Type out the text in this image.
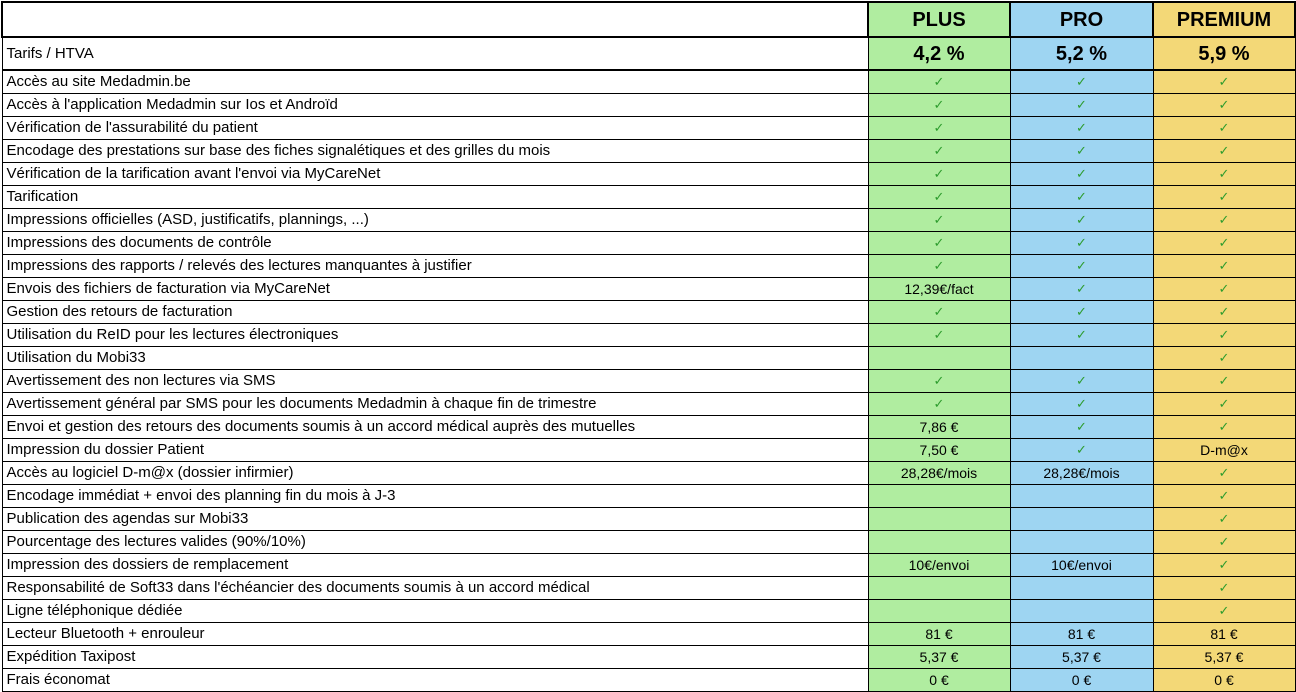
	PLUS	PRO	PREMIUM
Tarifs / HTVA	4,2 %	5,2 %	5,9 %
Accès au site Medadmin.be	✓	✓	✓
Accès à l'application Medadmin sur Ios et Androïd	✓	✓	✓
Vérification de l'assurabilité du patient	✓	✓	✓
Encodage des prestations sur base des fiches signalétiques et des grilles du mois	✓	✓	✓
Vérification de la tarification avant l'envoi via MyCareNet	✓	✓	✓
Tarification	✓	✓	✓
Impressions officielles (ASD, justificatifs, plannings, ...)	✓	✓	✓
Impressions des documents de contrôle	✓	✓	✓
Impressions des rapports / relevés des lectures manquantes à justifier	✓	✓	✓
Envois des fichiers de facturation via MyCareNet	12,39€/fact	✓	✓
Gestion des retours de facturation	✓	✓	✓
Utilisation du ReID pour les lectures électroniques	✓	✓	✓
Utilisation du Mobi33			✓
Avertissement des non lectures via SMS	✓	✓	✓
Avertissement général par SMS pour les documents Medadmin à chaque fin de trimestre	✓	✓	✓
Envoi et gestion des retours des documents soumis à un accord médical auprès des mutuelles	7,86 €	✓	✓
Impression du dossier Patient	7,50 €	✓	D-m@x
Accès au logiciel D-m@x (dossier infirmier)	28,28€/mois	28,28€/mois	✓
Encodage immédiat + envoi des planning fin du mois à J-3			✓
Publication des agendas sur Mobi33			✓
Pourcentage des lectures valides (90%/10%)			✓
Impression des dossiers de remplacement	10€/envoi	10€/envoi	✓
Responsabilité de Soft33 dans l'échéancier des documents soumis à un accord médical			✓
Ligne téléphonique dédiée			✓
Lecteur Bluetooth + enrouleur	81 €	81 €	81 €
Expédition Taxipost	5,37 €	5,37 €	5,37 €
Frais économat	0 €	0 €	0 €
